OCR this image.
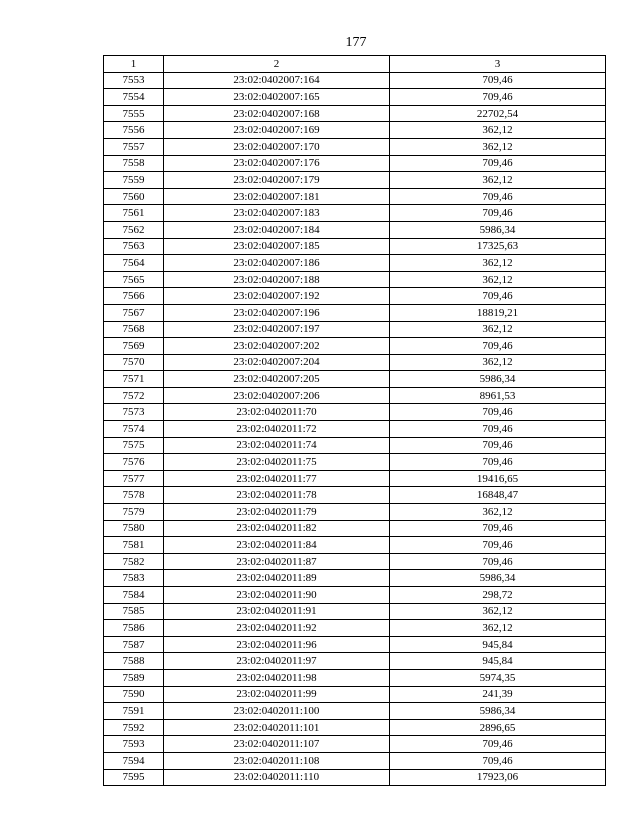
177
1	2	3
7553	23:02:0402007:164	709,46
7554	23:02:0402007:165	709,46
7555	23:02:0402007:168	22702,54
7556	23:02:0402007:169	362,12
7557	23:02:0402007:170	362,12
7558	23:02:0402007:176	709,46
7559	23:02:0402007:179	362,12
7560	23:02:0402007:181	709,46
7561	23:02:0402007:183	709,46
7562	23:02:0402007:184	5986,34
7563	23:02:0402007:185	17325,63
7564	23:02:0402007:186	362,12
7565	23:02:0402007:188	362,12
7566	23:02:0402007:192	709,46
7567	23:02:0402007:196	18819,21
7568	23:02:0402007:197	362,12
7569	23:02:0402007:202	709,46
7570	23:02:0402007:204	362,12
7571	23:02:0402007:205	5986,34
7572	23:02:0402007:206	8961,53
7573	23:02:0402011:70	709,46
7574	23:02:0402011:72	709,46
7575	23:02:0402011:74	709,46
7576	23:02:0402011:75	709,46
7577	23:02:0402011:77	19416,65
7578	23:02:0402011:78	16848,47
7579	23:02:0402011:79	362,12
7580	23:02:0402011:82	709,46
7581	23:02:0402011:84	709,46
7582	23:02:0402011:87	709,46
7583	23:02:0402011:89	5986,34
7584	23:02:0402011:90	298,72
7585	23:02:0402011:91	362,12
7586	23:02:0402011:92	362,12
7587	23:02:0402011:96	945,84
7588	23:02:0402011:97	945,84
7589	23:02:0402011:98	5974,35
7590	23:02:0402011:99	241,39
7591	23:02:0402011:100	5986,34
7592	23:02:0402011:101	2896,65
7593	23:02:0402011:107	709,46
7594	23:02:0402011:108	709,46
7595	23:02:0402011:110	17923,06
